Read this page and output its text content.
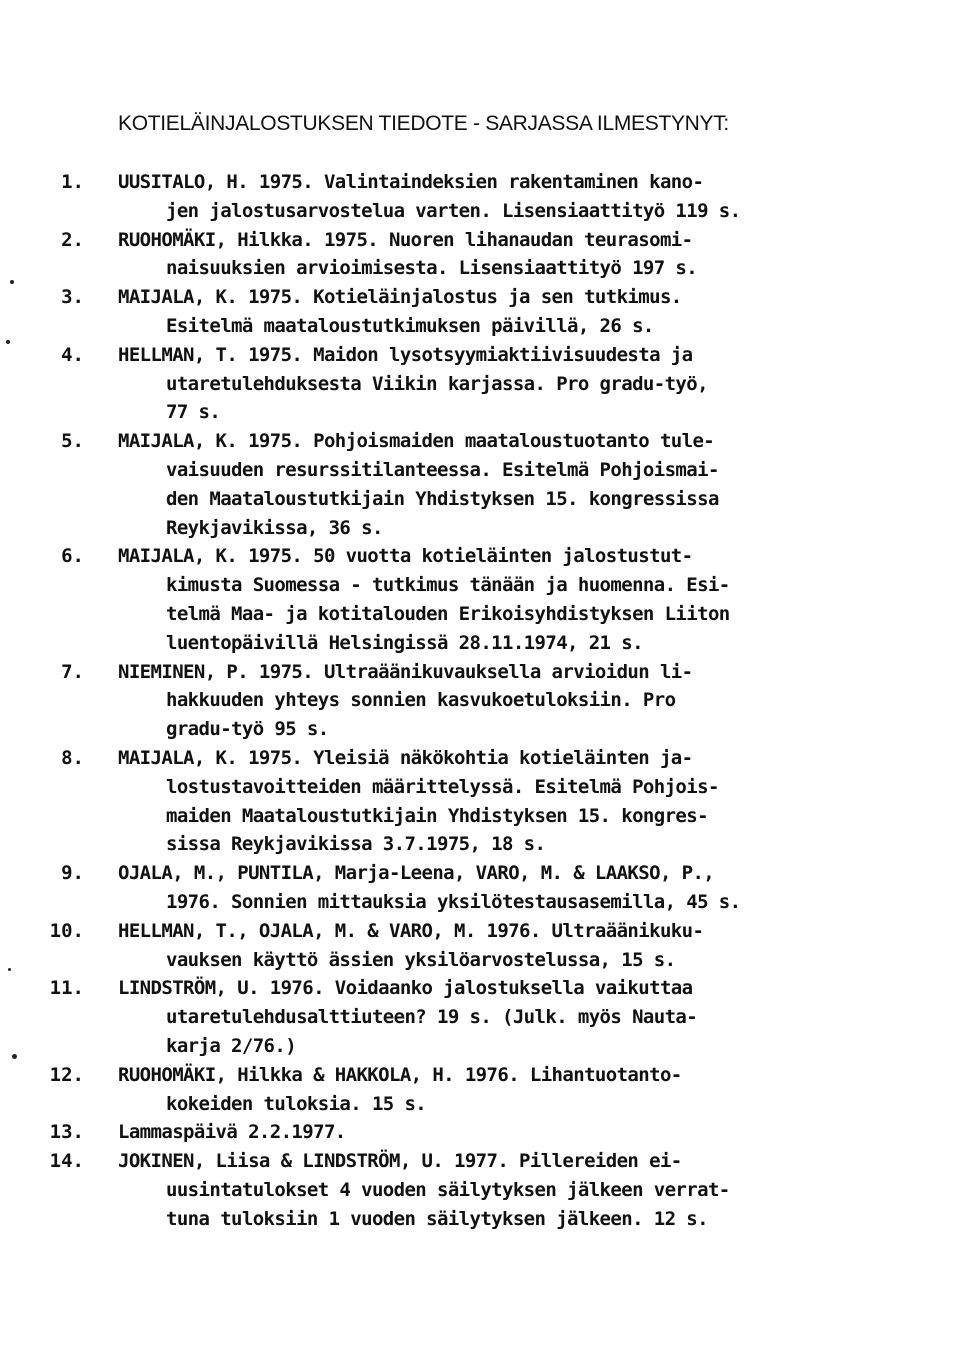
KOTIELÄINJALOSTUKSEN TIEDOTE - SARJASSA ILMESTYNYT:
1. UUSITALO, H. 1975. Valintaindeksien rakentaminen kano-
jen jalostusarvostelua varten. Lisensiaattityö 119 s.
2. RUOHOMÄKI, Hilkka. 1975. Nuoren lihanaudan teurasomi-
naisuuksien arvioimisesta. Lisensiaattityö 197 s.
3. MAIJALA, K. 1975. Kotieläinjalostus ja sen tutkimus.
Esitelmä maataloustutkimuksen päivillä, 26 s.
4. HELLMAN, T. 1975. Maidon lysotsyymiaktiivisuudesta ja
utaretulehduksesta Viikin karjassa. Pro gradu-työ,
77 s.
5. MAIJALA, K. 1975. Pohjoismaiden maataloustuotanto tule-
vaisuuden resurssitilanteessa. Esitelmä Pohjoismai-
den Maataloustutkijain Yhdistyksen 15. kongressissa
Reykjavikissa, 36 s.
6. MAIJALA, K. 1975. 50 vuotta kotieläinten jalostustut-
kimusta Suomessa - tutkimus tänään ja huomenna. Esi-
telmä Maa- ja kotitalouden Erikoisyhdistyksen Liiton
luentopäivillä Helsingissä 28.11.1974, 21 s.
7. NIEMINEN, P. 1975. Ultraäänikuvauksella arvioidun li-
hakkuuden yhteys sonnien kasvukoetuloksiin. Pro
gradu-työ 95 s.
8. MAIJALA, K. 1975. Yleisiä näkökohtia kotieläinten ja-
lostustavoitteiden määrittelyssä. Esitelmä Pohjois-
maiden Maataloustutkijain Yhdistyksen 15. kongres-
sissa Reykjavikissa 3.7.1975, 18 s.
9. OJALA, M., PUNTILA, Marja-Leena, VARO, M. & LAAKSO, P.,
1976. Sonnien mittauksia yksilötestausasemilla, 45 s.
10. HELLMAN, T., OJALA, M. & VARO, M. 1976. Ultraäänikuku-
vauksen käyttö ässien yksilöarvostelussa, 15 s.
11. LINDSTRÖM, U. 1976. Voidaanko jalostuksella vaikuttaa
utaretulehdusalttiuteen? 19 s. (Julk. myös Nauta-
karja 2/76.)
12. RUOHOMÄKI, Hilkka & HAKKOLA, H. 1976. Lihantuotanto-
kokeiden tuloksia. 15 s.
13. Lammaspäivä 2.2.1977.
14. JOKINEN, Liisa & LINDSTRÖM, U. 1977. Pillereiden ei-
uusintatulokset 4 vuoden säilytyksen jälkeen verrat-
tuna tuloksiin 1 vuoden säilytyksen jälkeen. 12 s.
